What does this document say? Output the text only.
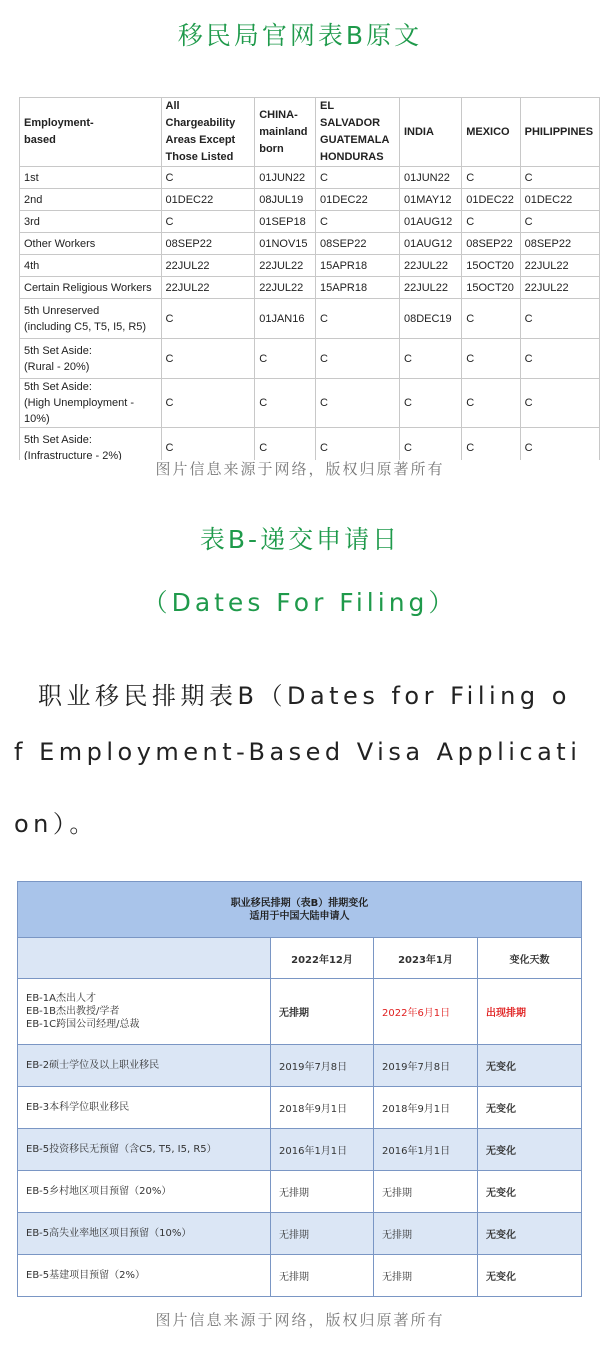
移民局官网表B原文
Employment-
based	All Chargeability Areas Except Those Listed	CHINA-mainland born	EL SALVADOR GUATEMALA HONDURAS	INDIA	MEXICO	PHILIPPINES
1st	C	01JUN22	C	01JUN22	C	C
2nd	01DEC22	08JUL19	01DEC22	01MAY12	01DEC22	01DEC22
3rd	C	01SEP18	C	01AUG12	C	C
Other Workers	08SEP22	01NOV15	08SEP22	01AUG12	08SEP22	08SEP22
4th	22JUL22	22JUL22	15APR18	22JUL22	15OCT20	22JUL22
Certain Religious Workers	22JUL22	22JUL22	15APR18	22JUL22	15OCT20	22JUL22
5th Unreserved
(including C5, T5, I5, R5)	C	01JAN16	C	08DEC19	C	C
5th Set Aside:
(Rural - 20%)	C	C	C	C	C	C
5th Set Aside:
(High Unemployment - 10%)	C	C	C	C	C	C
5th Set Aside:
(Infrastructure - 2%)	C	C	C	C	C	C
图片信息来源于网络，版权归原著所有
表B-递交申请日
（Dates For Filing）
职业移民排期表B（Dates for Filing o
f Employment-Based Visa Applicati
on）。
职业移民排期（表B）排期变化
适用于中国大陆申请人			

	2022年12月	2023年1月	变化天数
EB-1A杰出人才
EB-1B杰出教授/学者
EB-1C跨国公司经理/总裁	无排期	2022年6月1日	出现排期
EB-2硕士学位及以上职业移民	2019年7月8日	2019年7月8日	无变化
EB-3本科学位职业移民	2018年9月1日	2018年9月1日	无变化
EB-5投资移民无预留（含C5, T5, I5, R5）	2016年1月1日	2016年1月1日	无变化
EB-5乡村地区项目预留（20%）	无排期	无排期	无变化
EB-5高失业率地区项目预留（10%）	无排期	无排期	无变化
EB-5基建项目预留（2%）	无排期	无排期	无变化
图片信息来源于网络，版权归原著所有
